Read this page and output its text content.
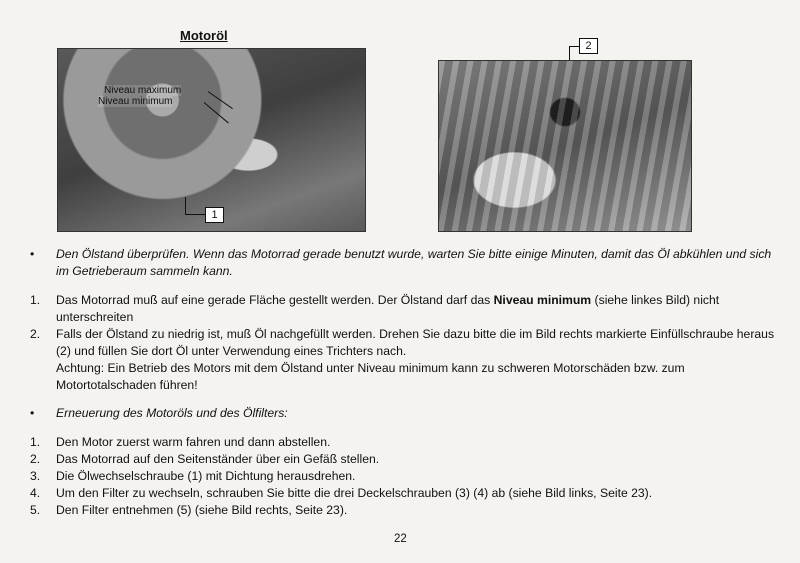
Motoröl
Niveau maximum
Niveau minimum
1
2
•	Den Ölstand überprüfen. Wenn das Motorrad gerade benutzt wurde, warten Sie bitte einige Minuten, damit das Öl abkühlen und sich im Getrieberaum sammeln kann.
1.	Das Motorrad muß auf eine gerade Fläche gestellt werden. Der Ölstand darf das Niveau minimum (siehe linkes Bild) nicht unterschreiten
2.	Falls der Ölstand zu niedrig ist, muß Öl nachgefüllt werden. Drehen Sie dazu bitte die im Bild rechts markierte Einfüllschraube heraus (2) und füllen Sie dort Öl unter Verwendung eines Trichters nach.
Achtung: Ein Betrieb des Motors mit dem Ölstand unter Niveau minimum kann zu schweren Motorschäden bzw. zum Motortotalschaden führen!
•	Erneuerung des Motoröls und des Ölfilters:
1.	Den Motor zuerst warm fahren und dann abstellen.
2.	Das Motorrad auf den Seitenständer über ein Gefäß stellen.
3.	Die Ölwechselschraube (1) mit Dichtung herausdrehen.
4.	Um den Filter zu wechseln, schrauben Sie bitte die drei Deckelschrauben (3) (4) ab (siehe Bild links, Seite 23).
5.	Den Filter entnehmen (5) (siehe Bild rechts, Seite 23).
22
